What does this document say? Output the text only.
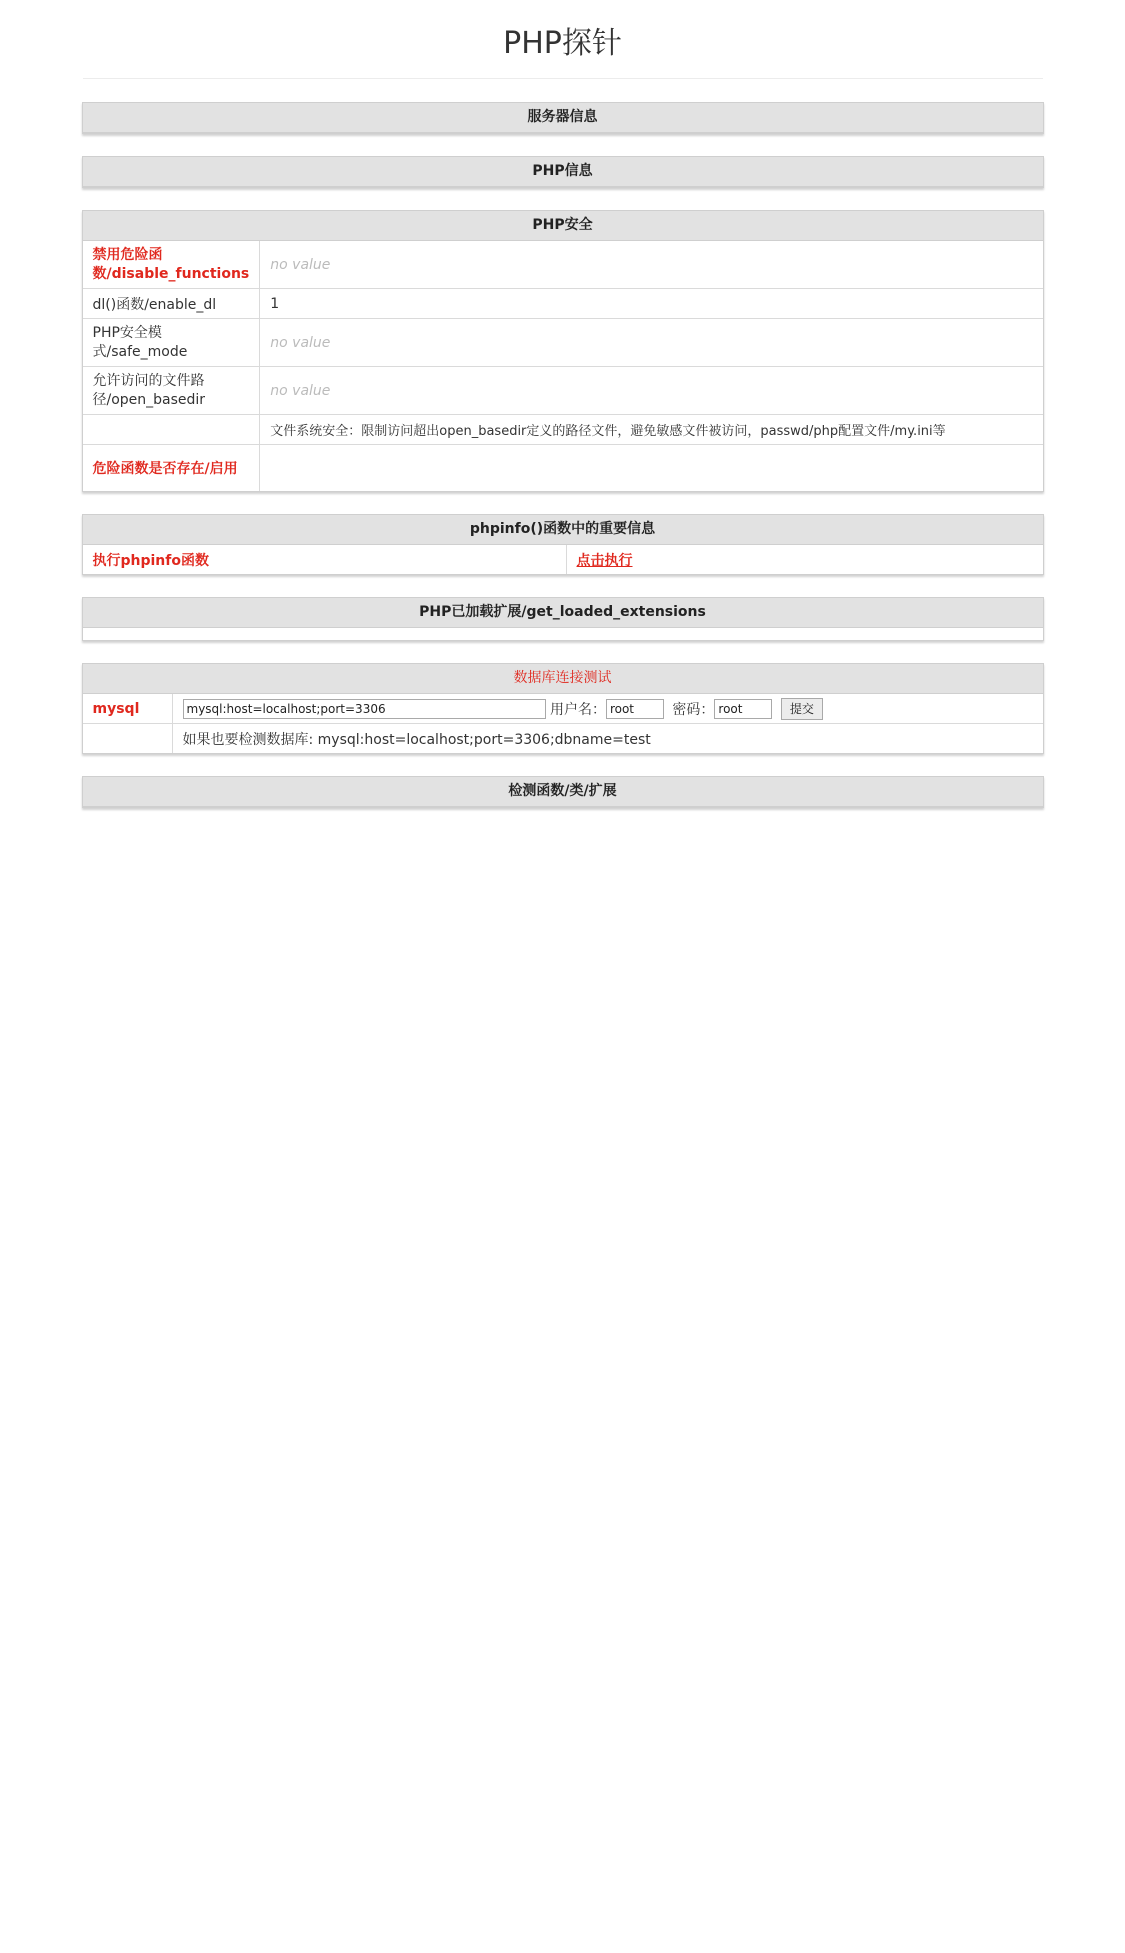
PHP探针
服务器信息
PHP信息
PHP安全
禁用危险函
数/disable_functions	no value
dl()函数/enable_dl	1
PHP安全模
式/safe_mode	no value
允许访问的文件路
径/open_basedir	no value
	文件系统安全：限制访问超出open_basedir定义的路径文件，避免敏感文件被访问，passwd/php配置文件/my.ini等
危险函数是否存在/启用	
phpinfo()函数中的重要信息
执行phpinfo函数	点击执行
PHP已加载扩展/get_loaded_extensions
数据库连接测试
mysql	mysql:host=localhost;port=3306用户名：root 密码：root 提交
	如果也要检测数据库: mysql:host=localhost;port=3306;dbname=test
检测函数/类/扩展
